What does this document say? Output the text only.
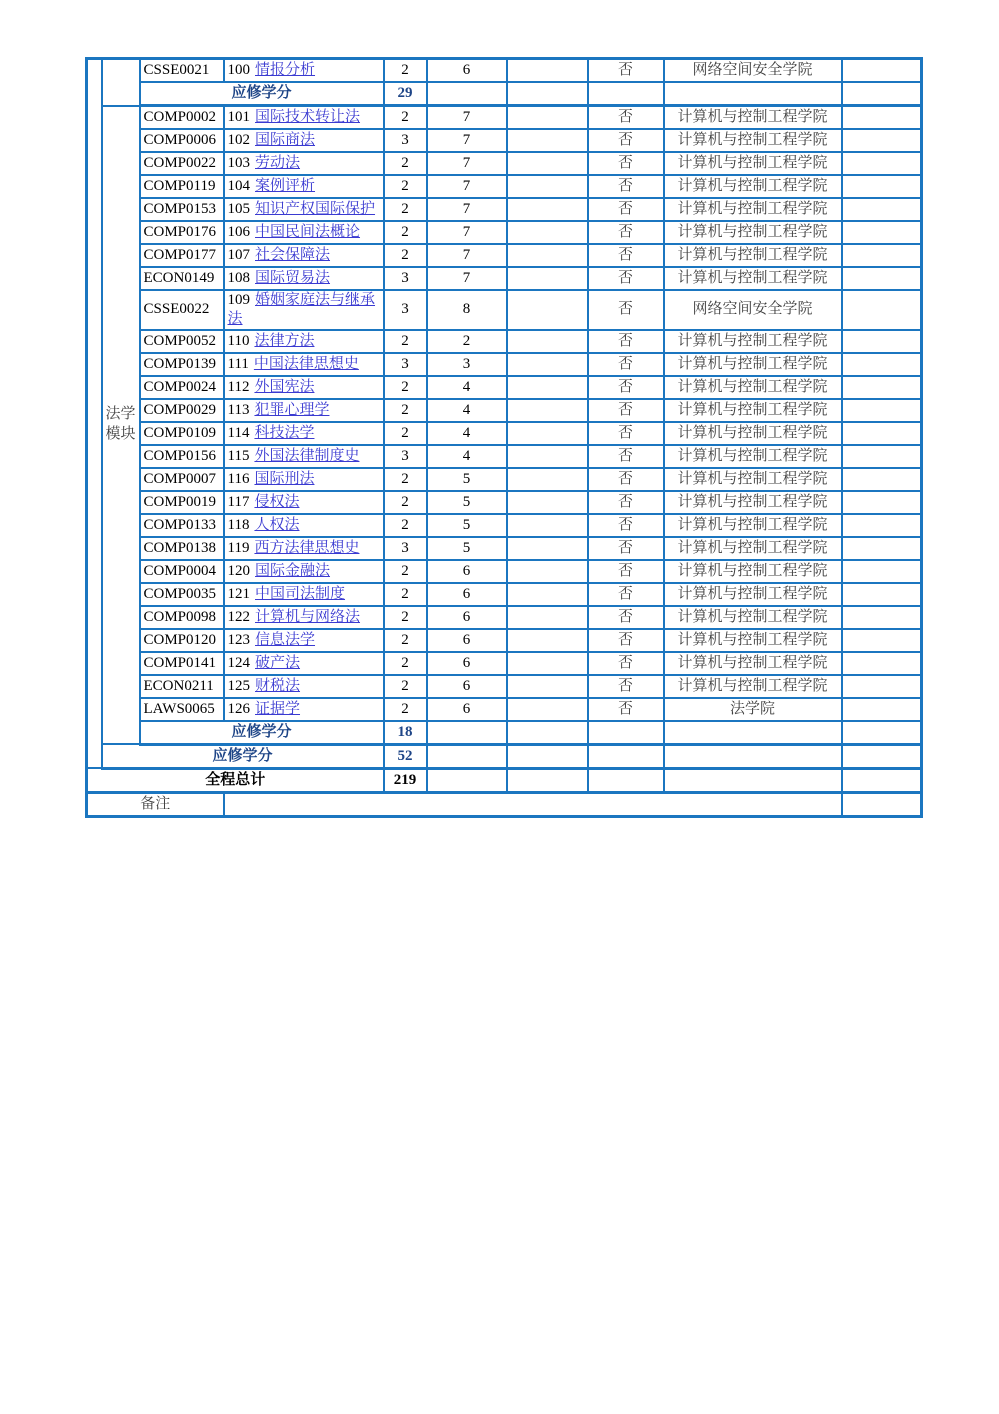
		CSSE0021	100 情报分析	2	6		否	网络空间安全学院	
		应修学分		29					
	法学模块	COMP0002	101 国际技术转让法	2	7		否	计算机与控制工程学院	
		COMP0006	102 国际商法	3	7		否	计算机与控制工程学院	
		COMP0022	103 劳动法	2	7		否	计算机与控制工程学院	
		COMP0119	104 案例评析	2	7		否	计算机与控制工程学院	
		COMP0153	105 知识产权国际保护	2	7		否	计算机与控制工程学院	
		COMP0176	106 中国民间法概论	2	7		否	计算机与控制工程学院	
		COMP0177	107 社会保障法	2	7		否	计算机与控制工程学院	
		ECON0149	108 国际贸易法	3	7		否	计算机与控制工程学院	
		CSSE0022	109 婚姻家庭法与继承法	3	8		否	网络空间安全学院	
		COMP0052	110 法律方法	2	2		否	计算机与控制工程学院	
		COMP0139	111 中国法律思想史	3	3		否	计算机与控制工程学院	
		COMP0024	112 外国宪法	2	4		否	计算机与控制工程学院	
		COMP0029	113 犯罪心理学	2	4		否	计算机与控制工程学院	
		COMP0109	114 科技法学	2	4		否	计算机与控制工程学院	
		COMP0156	115 外国法律制度史	3	4		否	计算机与控制工程学院	
		COMP0007	116 国际刑法	2	5		否	计算机与控制工程学院	
		COMP0019	117 侵权法	2	5		否	计算机与控制工程学院	
		COMP0133	118 人权法	2	5		否	计算机与控制工程学院	
		COMP0138	119 西方法律思想史	3	5		否	计算机与控制工程学院	
		COMP0004	120 国际金融法	2	6		否	计算机与控制工程学院	
		COMP0035	121 中国司法制度	2	6		否	计算机与控制工程学院	
		COMP0098	122 计算机与网络法	2	6		否	计算机与控制工程学院	
		COMP0120	123 信息法学	2	6		否	计算机与控制工程学院	
		COMP0141	124 破产法	2	6		否	计算机与控制工程学院	
		ECON0211	125 财税法	2	6		否	计算机与控制工程学院	
		LAWS0065	126 证据学	2	6		否	法学院	
		应修学分		18					
	应修学分			52					
全程总计				219					
备注									
